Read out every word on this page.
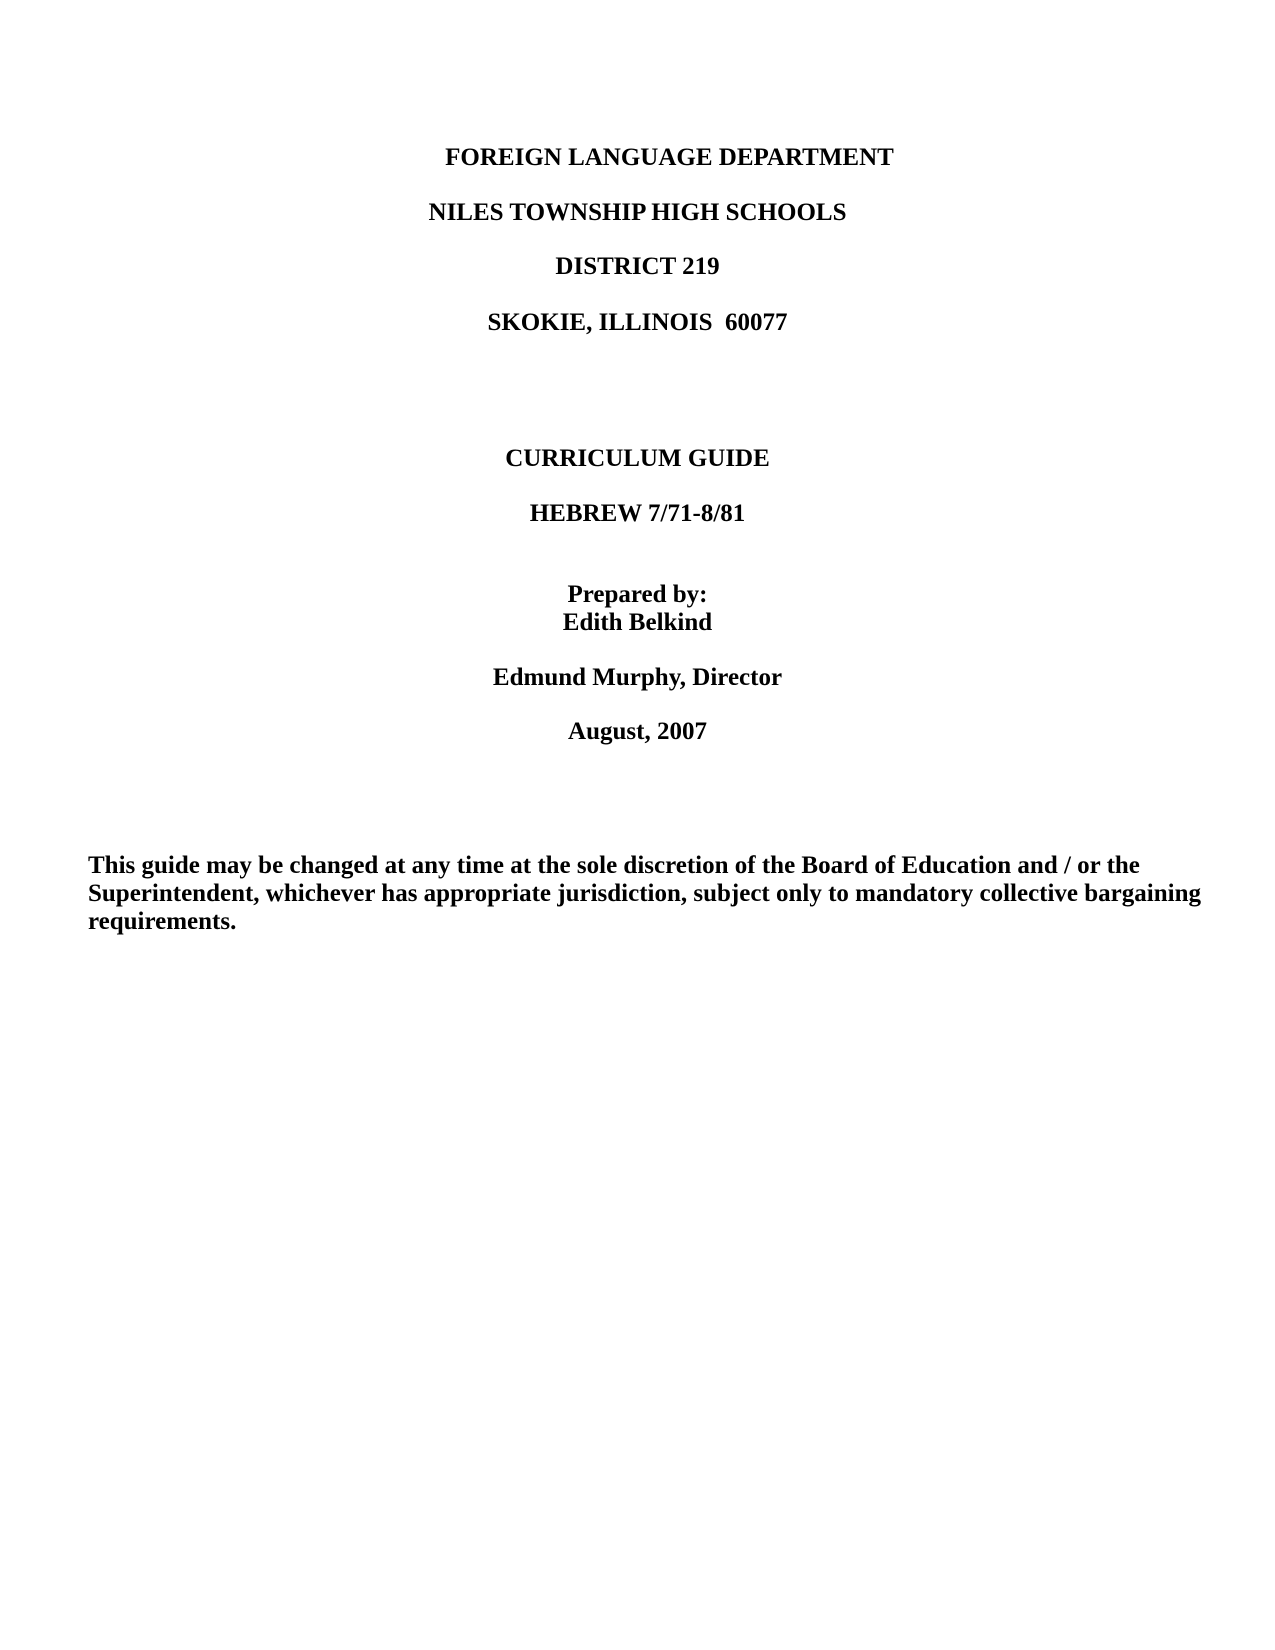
FOREIGN LANGUAGE DEPARTMENT
NILES TOWNSHIP HIGH SCHOOLS
DISTRICT 219
SKOKIE, ILLINOIS  60077
CURRICULUM GUIDE
HEBREW 7/71-8/81
Prepared by:
Edith Belkind
Edmund Murphy, Director
August, 2007
This guide may be changed at any time at the sole discretion of the Board of Education and / or the Superintendent, whichever has appropriate jurisdiction, subject only to mandatory collective bargaining requirements.
